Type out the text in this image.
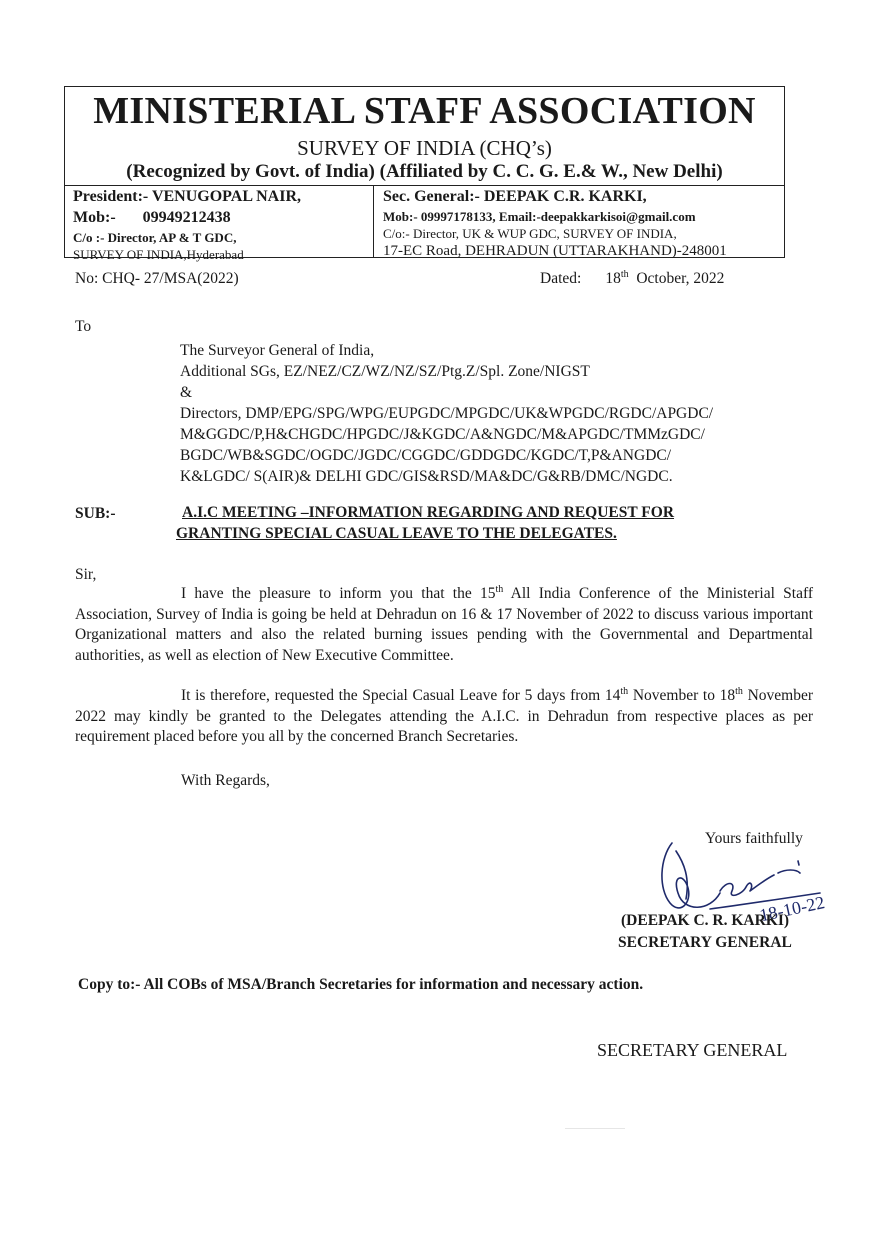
MINISTERIAL STAFF ASSOCIATION
SURVEY OF INDIA (CHQ’s)
(Recognized by Govt. of India) (Affiliated by C. C. G. E.& W., New Delhi)
President:- VENUGOPAL NAIR,
Mob:- 09949212438
C/o :- Director, AP & T GDC,
SURVEY OF INDIA,Hyderabad
Sec. General:- DEEPAK C.R. KARKI,
Mob:- 09997178133, Email:-deepakkarkisoi@gmail.com
C/o:- Director, UK & WUP GDC, SURVEY OF INDIA,
17-EC Road, DEHRADUN (UTTARAKHAND)-248001
No: CHQ- 27/MSA(2022)	Dated: 18th October, 2022
To
The Surveyor General of India,
Additional SGs, EZ/NEZ/CZ/WZ/NZ/SZ/Ptg.Z/Spl. Zone/NIGST
&
Directors, DMP/EPG/SPG/WPG/EUPGDC/MPGDC/UK&WPGDC/RGDC/APGDC/
M&GGDC/P,H&CHGDC/HPGDC/J&KGDC/A&NGDC/M&APGDC/TMMzGDC/
BGDC/WB&SGDC/OGDC/JGDC/CGGDC/GDDGDC/KGDC/T,P&ANGDC/
K&LGDC/ S(AIR)& DELHI GDC/GIS&RSD/MA&DC/G&RB/DMC/NGDC.
SUB:-	A.I.C MEETING –INFORMATION REGARDING AND REQUEST FOR
GRANTING SPECIAL CASUAL LEAVE TO THE DELEGATES.
Sir,
I have the pleasure to inform you that the 15th All India Conference of the Ministerial Staff Association, Survey of India is going be held at Dehradun on 16 & 17 November of 2022 to discuss various important Organizational matters and also the related burning issues pending with the Governmental and Departmental authorities, as well as election of New Executive Committee.
It is therefore, requested the Special Casual Leave for 5 days from 14th November to 18th November 2022 may kindly be granted to the Delegates attending the A.I.C. in Dehradun from respective places as per requirement placed before you all by the concerned Branch Secretaries.
With Regards,
Yours faithfully
18-10-22
(DEEPAK C. R. KARKI)
SECRETARY GENERAL
Copy to:- All COBs of MSA/Branch Secretaries for information and necessary action.
SECRETARY GENERAL
